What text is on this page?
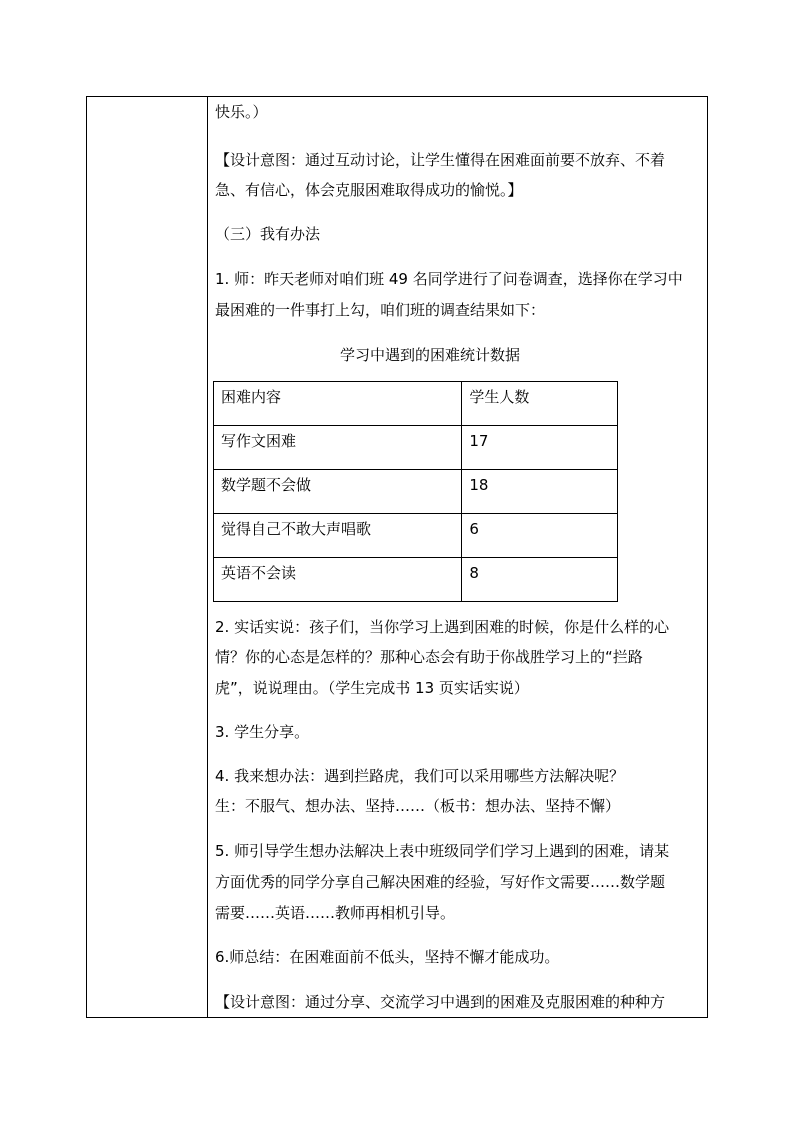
快乐。）
【设计意图：通过互动讨论，让学生懂得在困难面前要不放弃、不着
急、有信心，体会克服困难取得成功的愉悦。】
（三）我有办法
1. 师：昨天老师对咱们班 49 名同学进行了问卷调查，选择你在学习中
最困难的一件事打上勾，咱们班的调查结果如下：
学习中遇到的困难统计数据
困难内容	学生人数
写作文困难	17
数学题不会做	18
觉得自己不敢大声唱歌	6
英语不会读	8
2. 实话实说：孩子们，当你学习上遇到困难的时候，你是什么样的心
情？你的心态是怎样的？那种心态会有助于你战胜学习上的“拦路
虎”，说说理由。（学生完成书 13 页实话实说）
3. 学生分享。
4. 我来想办法：遇到拦路虎，我们可以采用哪些方法解决呢？
生：不服气、想办法、坚持……（板书：想办法、坚持不懈）
5. 师引导学生想办法解决上表中班级同学们学习上遇到的困难，请某
方面优秀的同学分享自己解决困难的经验，写好作文需要……数学题
需要……英语……教师再相机引导。
6.师总结：在困难面前不低头，坚持不懈才能成功。
【设计意图：通过分享、交流学习中遇到的困难及克服困难的种种方
